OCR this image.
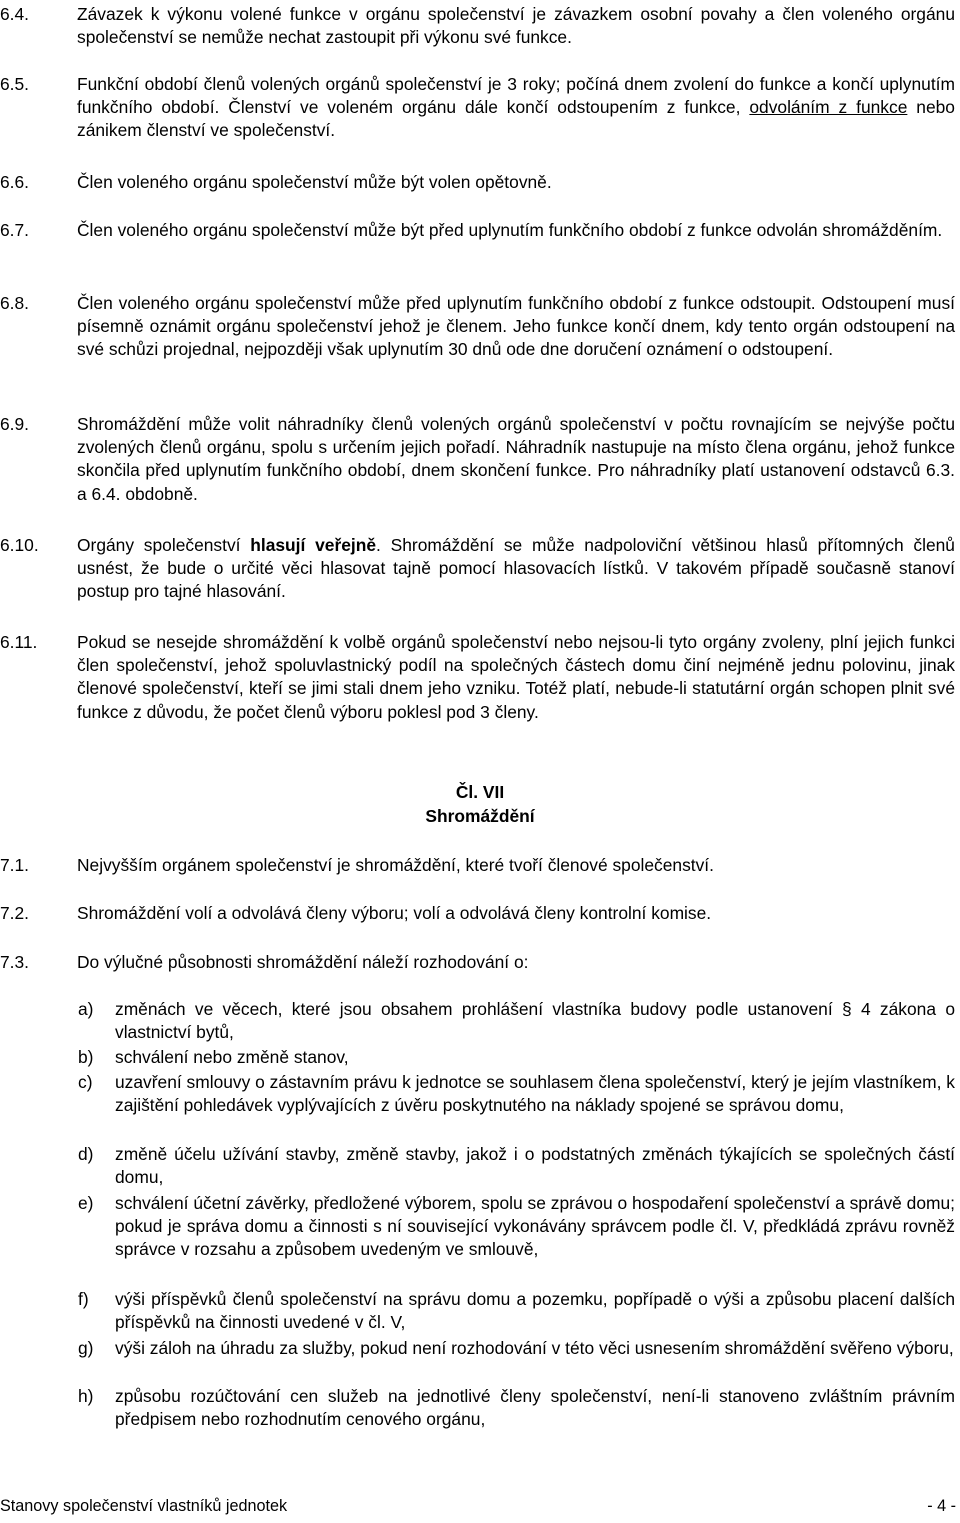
6.4.	Závazek k výkonu volené funkce v orgánu společenství je závazkem osobní povahy a člen voleného orgánu společenství se nemůže nechat zastoupit při výkonu své funkce.
6.5.	Funkční období členů volených orgánů společenství je 3 roky; počíná dnem zvolení do funkce a končí uplynutím funkčního období. Členství ve voleném orgánu dále končí odstoupením z funkce, odvoláním z funkce nebo zánikem členství ve společenství.
6.6.	Člen voleného orgánu společenství může být volen opětovně.
6.7.	Člen voleného orgánu společenství může být před uplynutím funkčního období z funkce odvolán shromážděním.
6.8.	Člen voleného orgánu společenství může před uplynutím funkčního období z funkce odstoupit. Odstoupení musí písemně oznámit orgánu společenství jehož je členem. Jeho funkce končí dnem, kdy tento orgán odstoupení na své schůzi projednal, nejpozději však uplynutím 30 dnů ode dne doručení oznámení o odstoupení.
6.9.	Shromáždění může volit náhradníky členů volených orgánů společenství v počtu rovnajícím se nejvýše počtu zvolených členů orgánu, spolu s určením jejich pořadí. Náhradník nastupuje na místo člena orgánu, jehož funkce skončila před uplynutím funkčního období, dnem skončení funkce. Pro náhradníky platí ustanovení odstavců 6.3. a 6.4. obdobně.
6.10.	Orgány společenství hlasují veřejně. Shromáždění se může nadpoloviční většinou hlasů přítomných členů usnést, že bude o určité věci hlasovat tajně pomocí hlasovacích lístků. V takovém případě současně stanoví postup pro tajné hlasování.
6.11.	Pokud se nesejde shromáždění k volbě orgánů společenství nebo nejsou-li tyto orgány zvoleny, plní jejich funkci člen společenství, jehož spoluvlastnický podíl na společných částech domu činí nejméně jednu polovinu, jinak členové společenství, kteří se jimi stali dnem jeho vzniku. Totéž platí, nebude-li statutární orgán schopen plnit své funkce z důvodu, že počet členů výboru poklesl pod 3 členy.
Čl. VII
Shromáždění
7.1.	Nejvyšším orgánem společenství je shromáždění, které tvoří členové společenství.
7.2.	Shromáždění volí a odvolává členy výboru; volí a odvolává členy kontrolní komise.
7.3.	Do výlučné působnosti shromáždění náleží rozhodování o:
a)	změnách ve věcech, které jsou obsahem prohlášení vlastníka budovy podle ustanovení § 4 zákona o vlastnictví bytů,
b)	schválení nebo změně stanov,
c)	uzavření smlouvy o zástavním právu k jednotce se souhlasem člena společenství, který je jejím vlastníkem, k zajištění pohledávek vyplývajících z úvěru poskytnutého na náklady spojené se správou domu,
d)	změně účelu užívání stavby, změně stavby, jakož i o podstatných změnách týkajících se společných částí domu,
e)	schválení účetní závěrky, předložené výborem, spolu se zprávou o hospodaření společenství a správě domu; pokud je správa domu a činnosti s ní související vykonávány správcem podle čl. V, předkládá zprávu rovněž správce v rozsahu a způsobem uvedeným ve smlouvě,
f)	výši příspěvků členů společenství na správu domu a pozemku, popřípadě o výši a způsobu placení dalších příspěvků na činnosti uvedené v čl. V,
g)	výši záloh na úhradu za služby, pokud není rozhodování v této věci usnesením shromáždění svěřeno výboru,
h)	způsobu rozúčtování cen služeb na jednotlivé členy společenství, není-li stanoveno zvláštním právním předpisem nebo rozhodnutím cenového orgánu,
Stanovy společenství vlastníků jednotek	- 4 -
